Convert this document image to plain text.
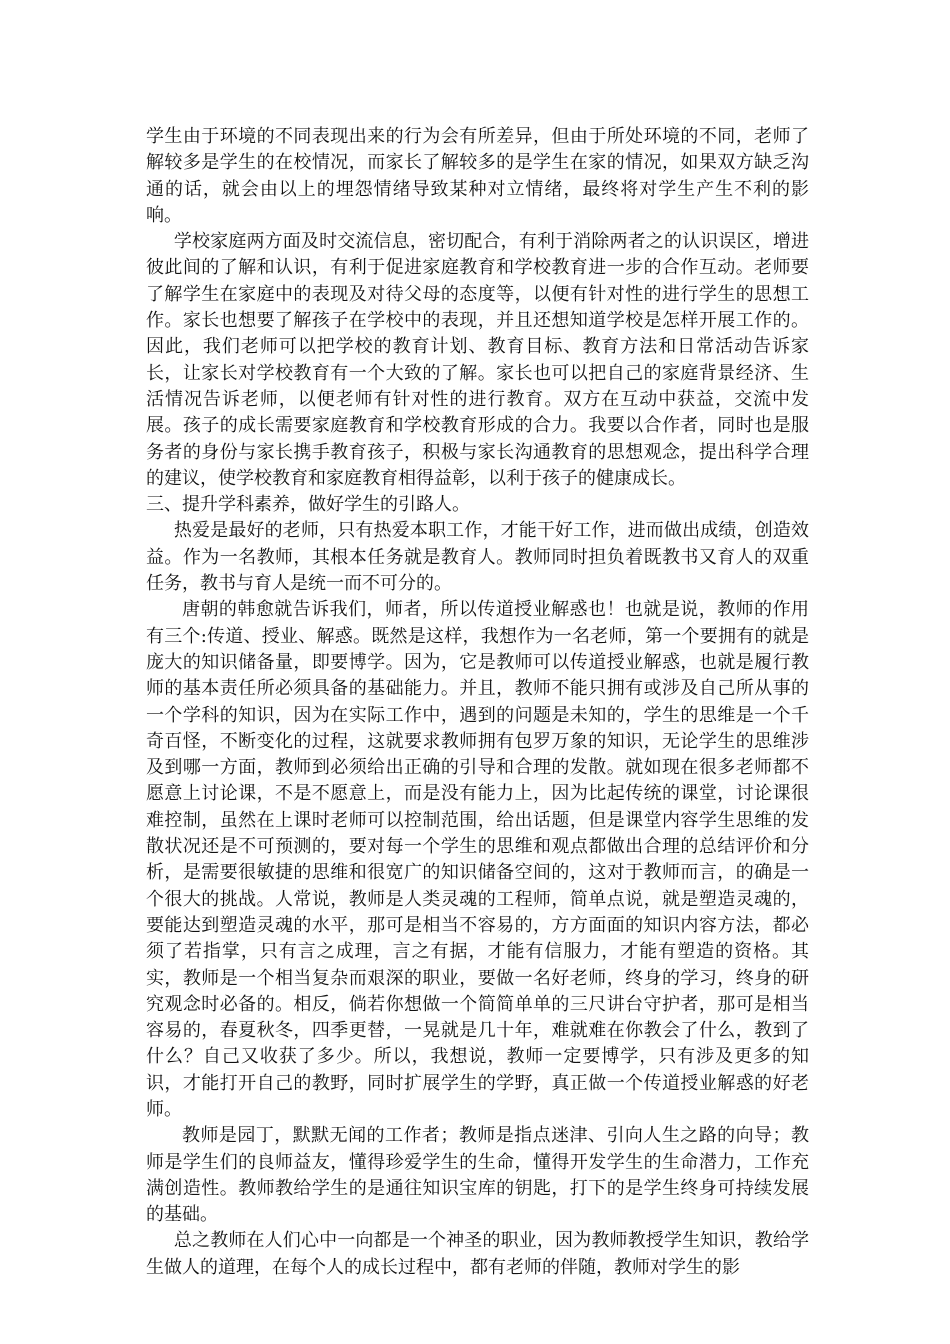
学生由于环境的不同表现出来的行为会有所差异，但由于所处环境的不同，老师了解较多是学生的在校情况，而家长了解较多的是学生在家的情况，如果双方缺乏沟通的话，就会由以上的埋怨情绪导致某种对立情绪，最终将对学生产生不利的影响。

学校家庭两方面及时交流信息，密切配合，有利于消除两者之的认识误区，增进彼此间的了解和认识，有利于促进家庭教育和学校教育进一步的合作互动。老师要了解学生在家庭中的表现及对待父母的态度等，以便有针对性的进行学生的思想工作。家长也想要了解孩子在学校中的表现，并且还想知道学校是怎样开展工作的。因此，我们老师可以把学校的教育计划、教育目标、教育方法和日常活动告诉家长，让家长对学校教育有一个大致的了解。家长也可以把自己的家庭背景经济、生活情况告诉老师，以便老师有针对性的进行教育。双方在互动中获益，交流中发展。孩子的成长需要家庭教育和学校教育形成的合力。我要以合作者，同时也是服务者的身份与家长携手教育孩子，积极与家长沟通教育的思想观念，提出科学合理的建议，使学校教育和家庭教育相得益彰，以利于孩子的健康成长。

三、提升学科素养，做好学生的引路人。

热爱是最好的老师，只有热爱本职工作，才能干好工作，进而做出成绩，创造效益。作为一名教师，其根本任务就是教育人。教师同时担负着既教书又育人的双重任务，教书与育人是统一而不可分的。

唐朝的韩愈就告诉我们，师者，所以传道授业解惑也！也就是说，教师的作用有三个:传道、授业、解惑。既然是这样，我想作为一名老师，第一个要拥有的就是庞大的知识储备量，即要博学。因为，它是教师可以传道授业解惑，也就是履行教师的基本责任所必须具备的基础能力。并且，教师不能只拥有或涉及自己所从事的一个学科的知识，因为在实际工作中，遇到的问题是未知的，学生的思维是一个千奇百怪，不断变化的过程，这就要求教师拥有包罗万象的知识，无论学生的思维涉及到哪一方面，教师到必须给出正确的引导和合理的发散。就如现在很多老师都不愿意上讨论课，不是不愿意上，而是没有能力上，因为比起传统的课堂，讨论课很难控制，虽然在上课时老师可以控制范围，给出话题，但是课堂内容学生思维的发散状况还是不可预测的，要对每一个学生的思维和观点都做出合理的总结评价和分析，是需要很敏捷的思维和很宽广的知识储备空间的，这对于教师而言，的确是一个很大的挑战。人常说，教师是人类灵魂的工程师，简单点说，就是塑造灵魂的，要能达到塑造灵魂的水平，那可是相当不容易的，方方面面的知识内容方法，都必须了若指掌，只有言之成理，言之有据，才能有信服力，才能有塑造的资格。其实，教师是一个相当复杂而艰深的职业，要做一名好老师，终身的学习，终身的研究观念时必备的。相反，倘若你想做一个简简单单的三尺讲台守护者，那可是相当容易的，春夏秋冬，四季更替，一晃就是几十年，难就难在你教会了什么，教到了什么？自己又收获了多少。所以，我想说，教师一定要博学，只有涉及更多的知识，才能打开自己的教野，同时扩展学生的学野，真正做一个传道授业解惑的好老师。

教师是园丁，默默无闻的工作者；教师是指点迷津、引向人生之路的向导；教师是学生们的良师益友，懂得珍爱学生的生命，懂得开发学生的生命潜力，工作充满创造性。教师教给学生的是通往知识宝库的钥匙，打下的是学生终身可持续发展的基础。

总之教师在人们心中一向都是一个神圣的职业，因为教师教授学生知识，教给学生做人的道理，在每个人的成长过程中，都有老师的伴随，教师对学生的影
